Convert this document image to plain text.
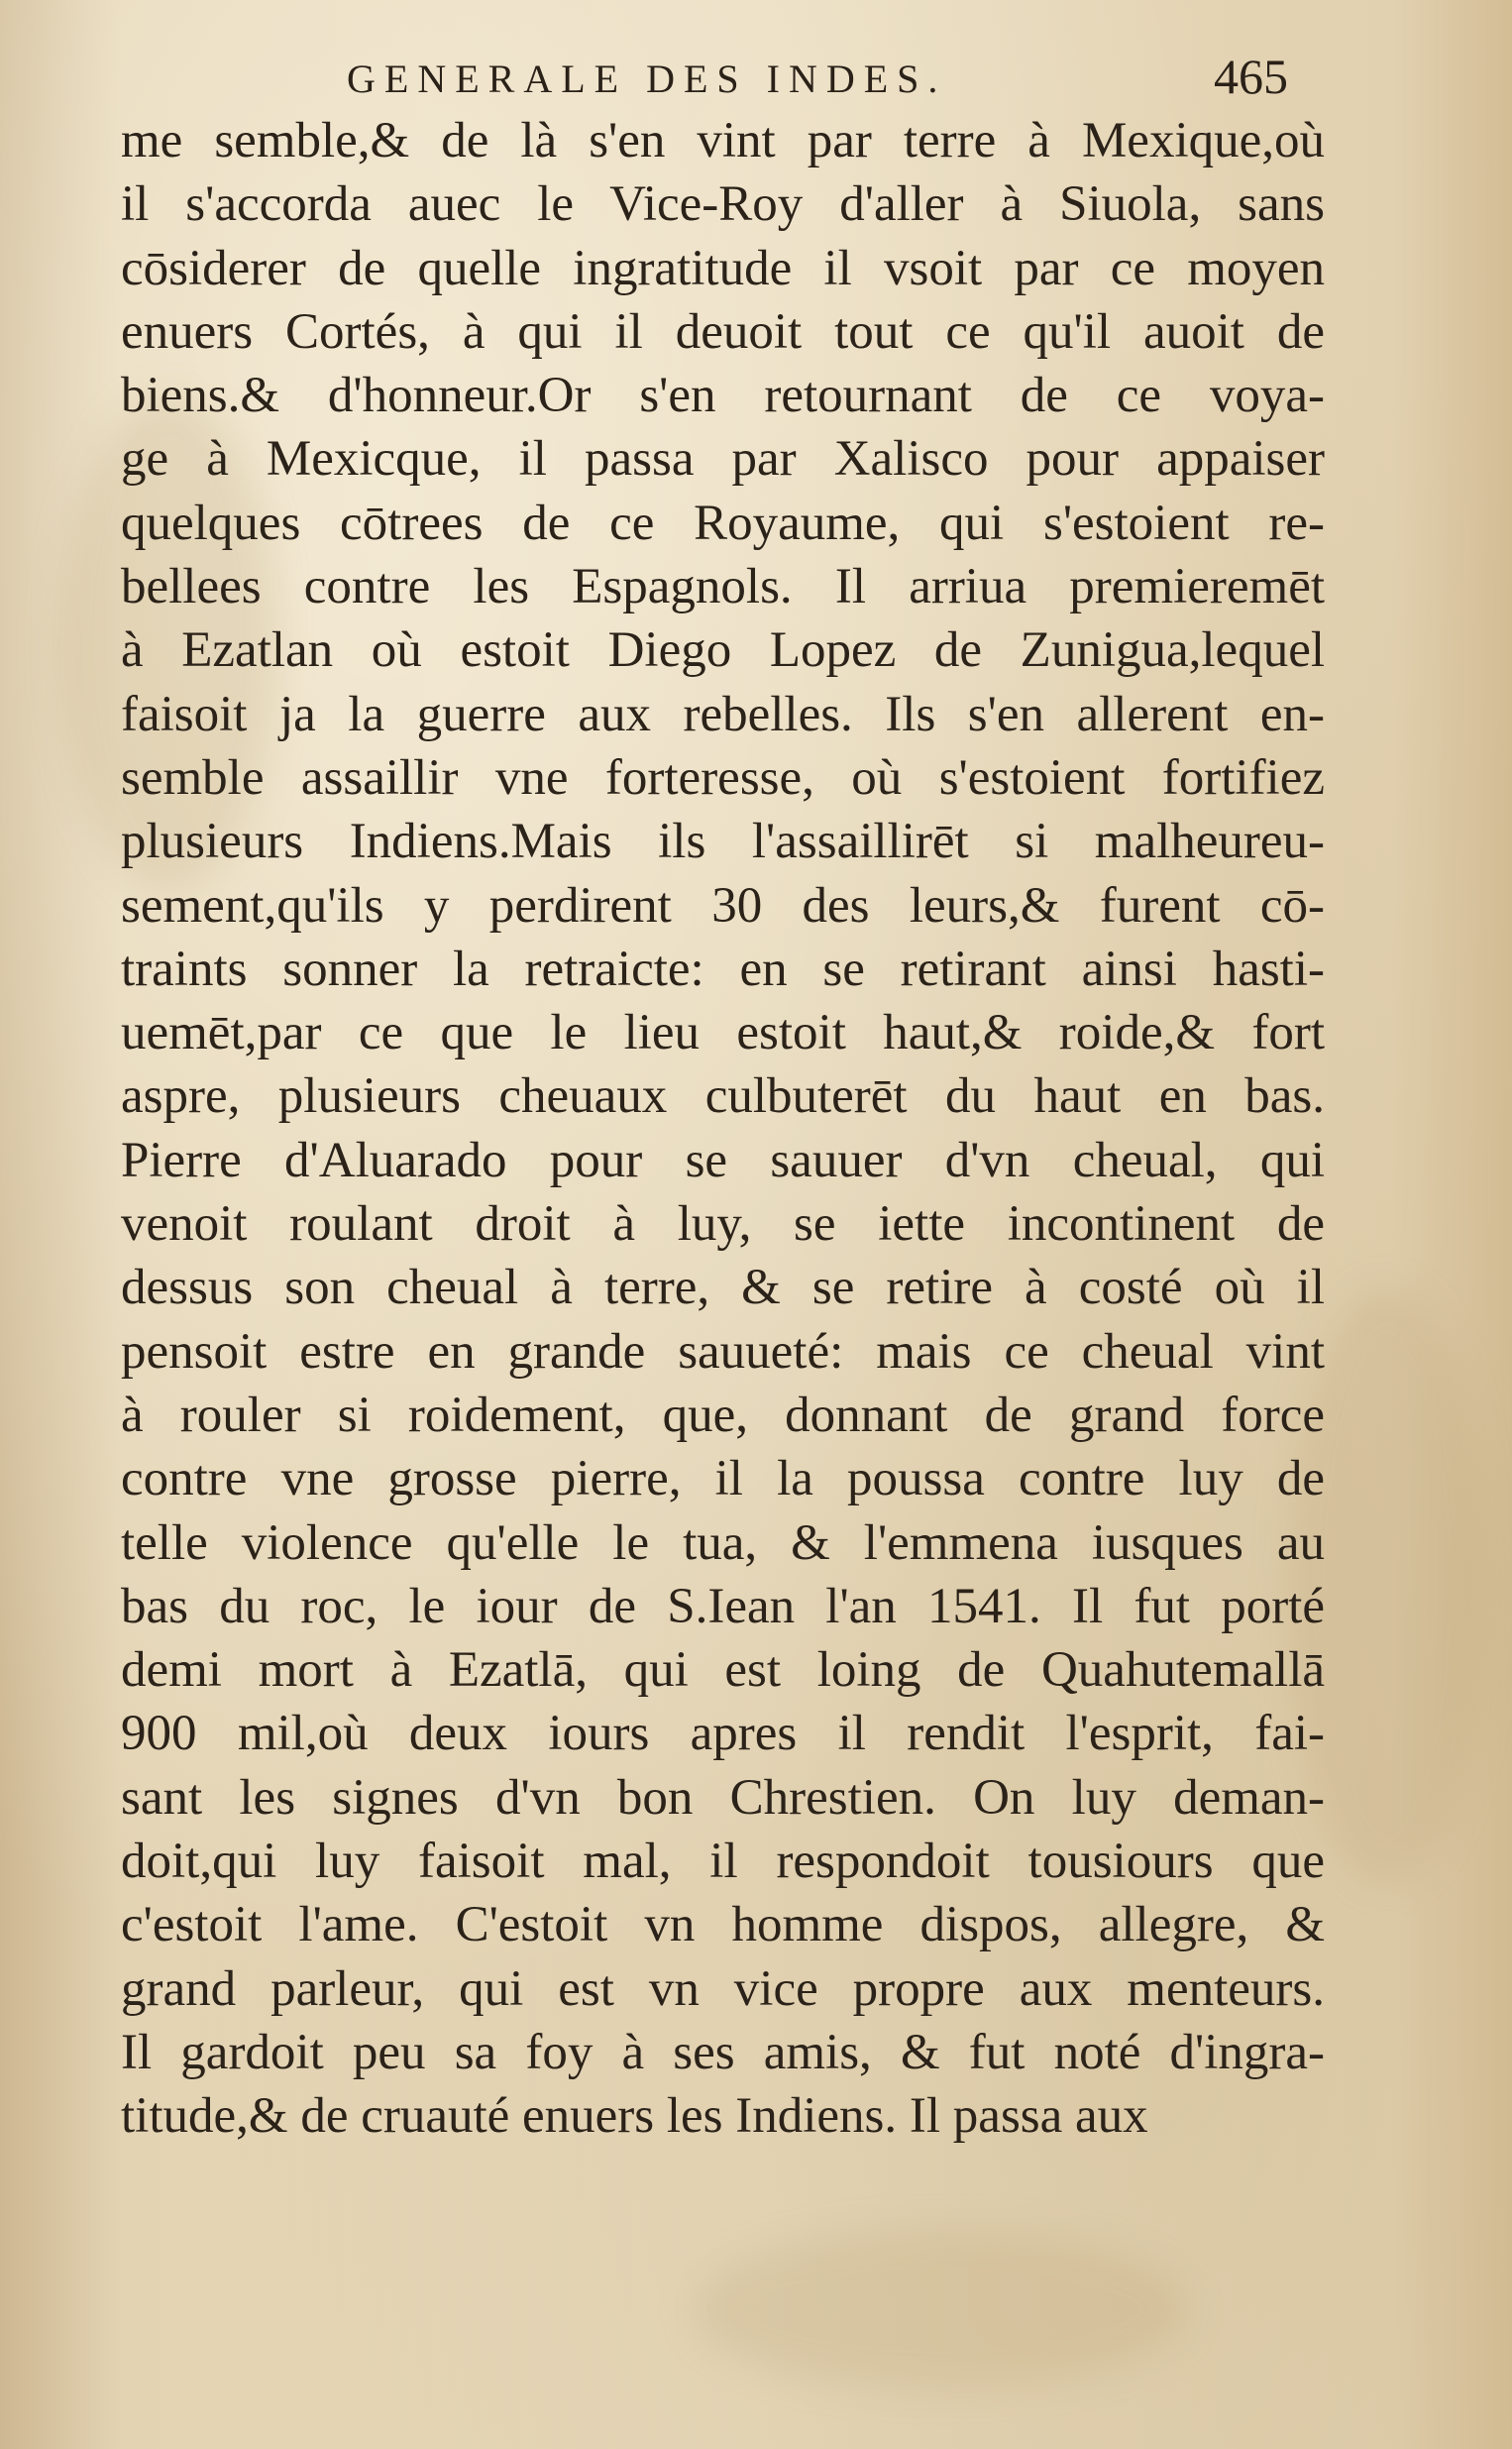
GENERALE DES INDES.	465
me semble,& de là s'en vint par terre à Mexique,où
il s'accorda auec le Vice-Roy d'aller à Siuola, sans
cōsiderer de quelle ingratitude il vsoit par ce moyen
enuers Cortés, à qui il deuoit tout ce qu'il auoit de
biens.& d'honneur.Or s'en retournant de ce voya-
ge à Mexicque, il passa par Xalisco pour appaiser
quelques cōtrees de ce Royaume, qui s'estoient re-
bellees contre les Espagnols. Il arriua premieremēt
à Ezatlan où estoit Diego Lopez de Zunigua,lequel
faisoit ja la guerre aux rebelles. Ils s'en allerent en-
semble assaillir vne forteresse, où s'estoient fortifiez
plusieurs Indiens.Mais ils l'assaillirēt si malheureu-
sement,qu'ils y perdirent 30 des leurs,& furent cō-
traints sonner la retraicte: en se retirant ainsi hasti-
uemēt,par ce que le lieu estoit haut,& roide,& fort
aspre, plusieurs cheuaux culbuterēt du haut en bas.
Pierre d'Aluarado pour se sauuer d'vn cheual, qui
venoit roulant droit à luy, se iette incontinent de
dessus son cheual à terre, & se retire à costé où il
pensoit estre en grande sauueté: mais ce cheual vint
à rouler si roidement, que, donnant de grand force
contre vne grosse pierre, il la poussa contre luy de
telle violence qu'elle le tua, & l'emmena iusques au
bas du roc, le iour de S.Iean l'an 1541. Il fut porté
demi mort à Ezatlā, qui est loing de Quahutemallā
900 mil,où deux iours apres il rendit l'esprit, fai-
sant les signes d'vn bon Chrestien. On luy deman-
doit,qui luy faisoit mal, il respondoit tousiours que
c'estoit l'ame. C'estoit vn homme dispos, allegre, &
grand parleur, qui est vn vice propre aux menteurs.
Il gardoit peu sa foy à ses amis, & fut noté d'ingra-
titude,& de cruauté enuers les Indiens. Il passa aux
